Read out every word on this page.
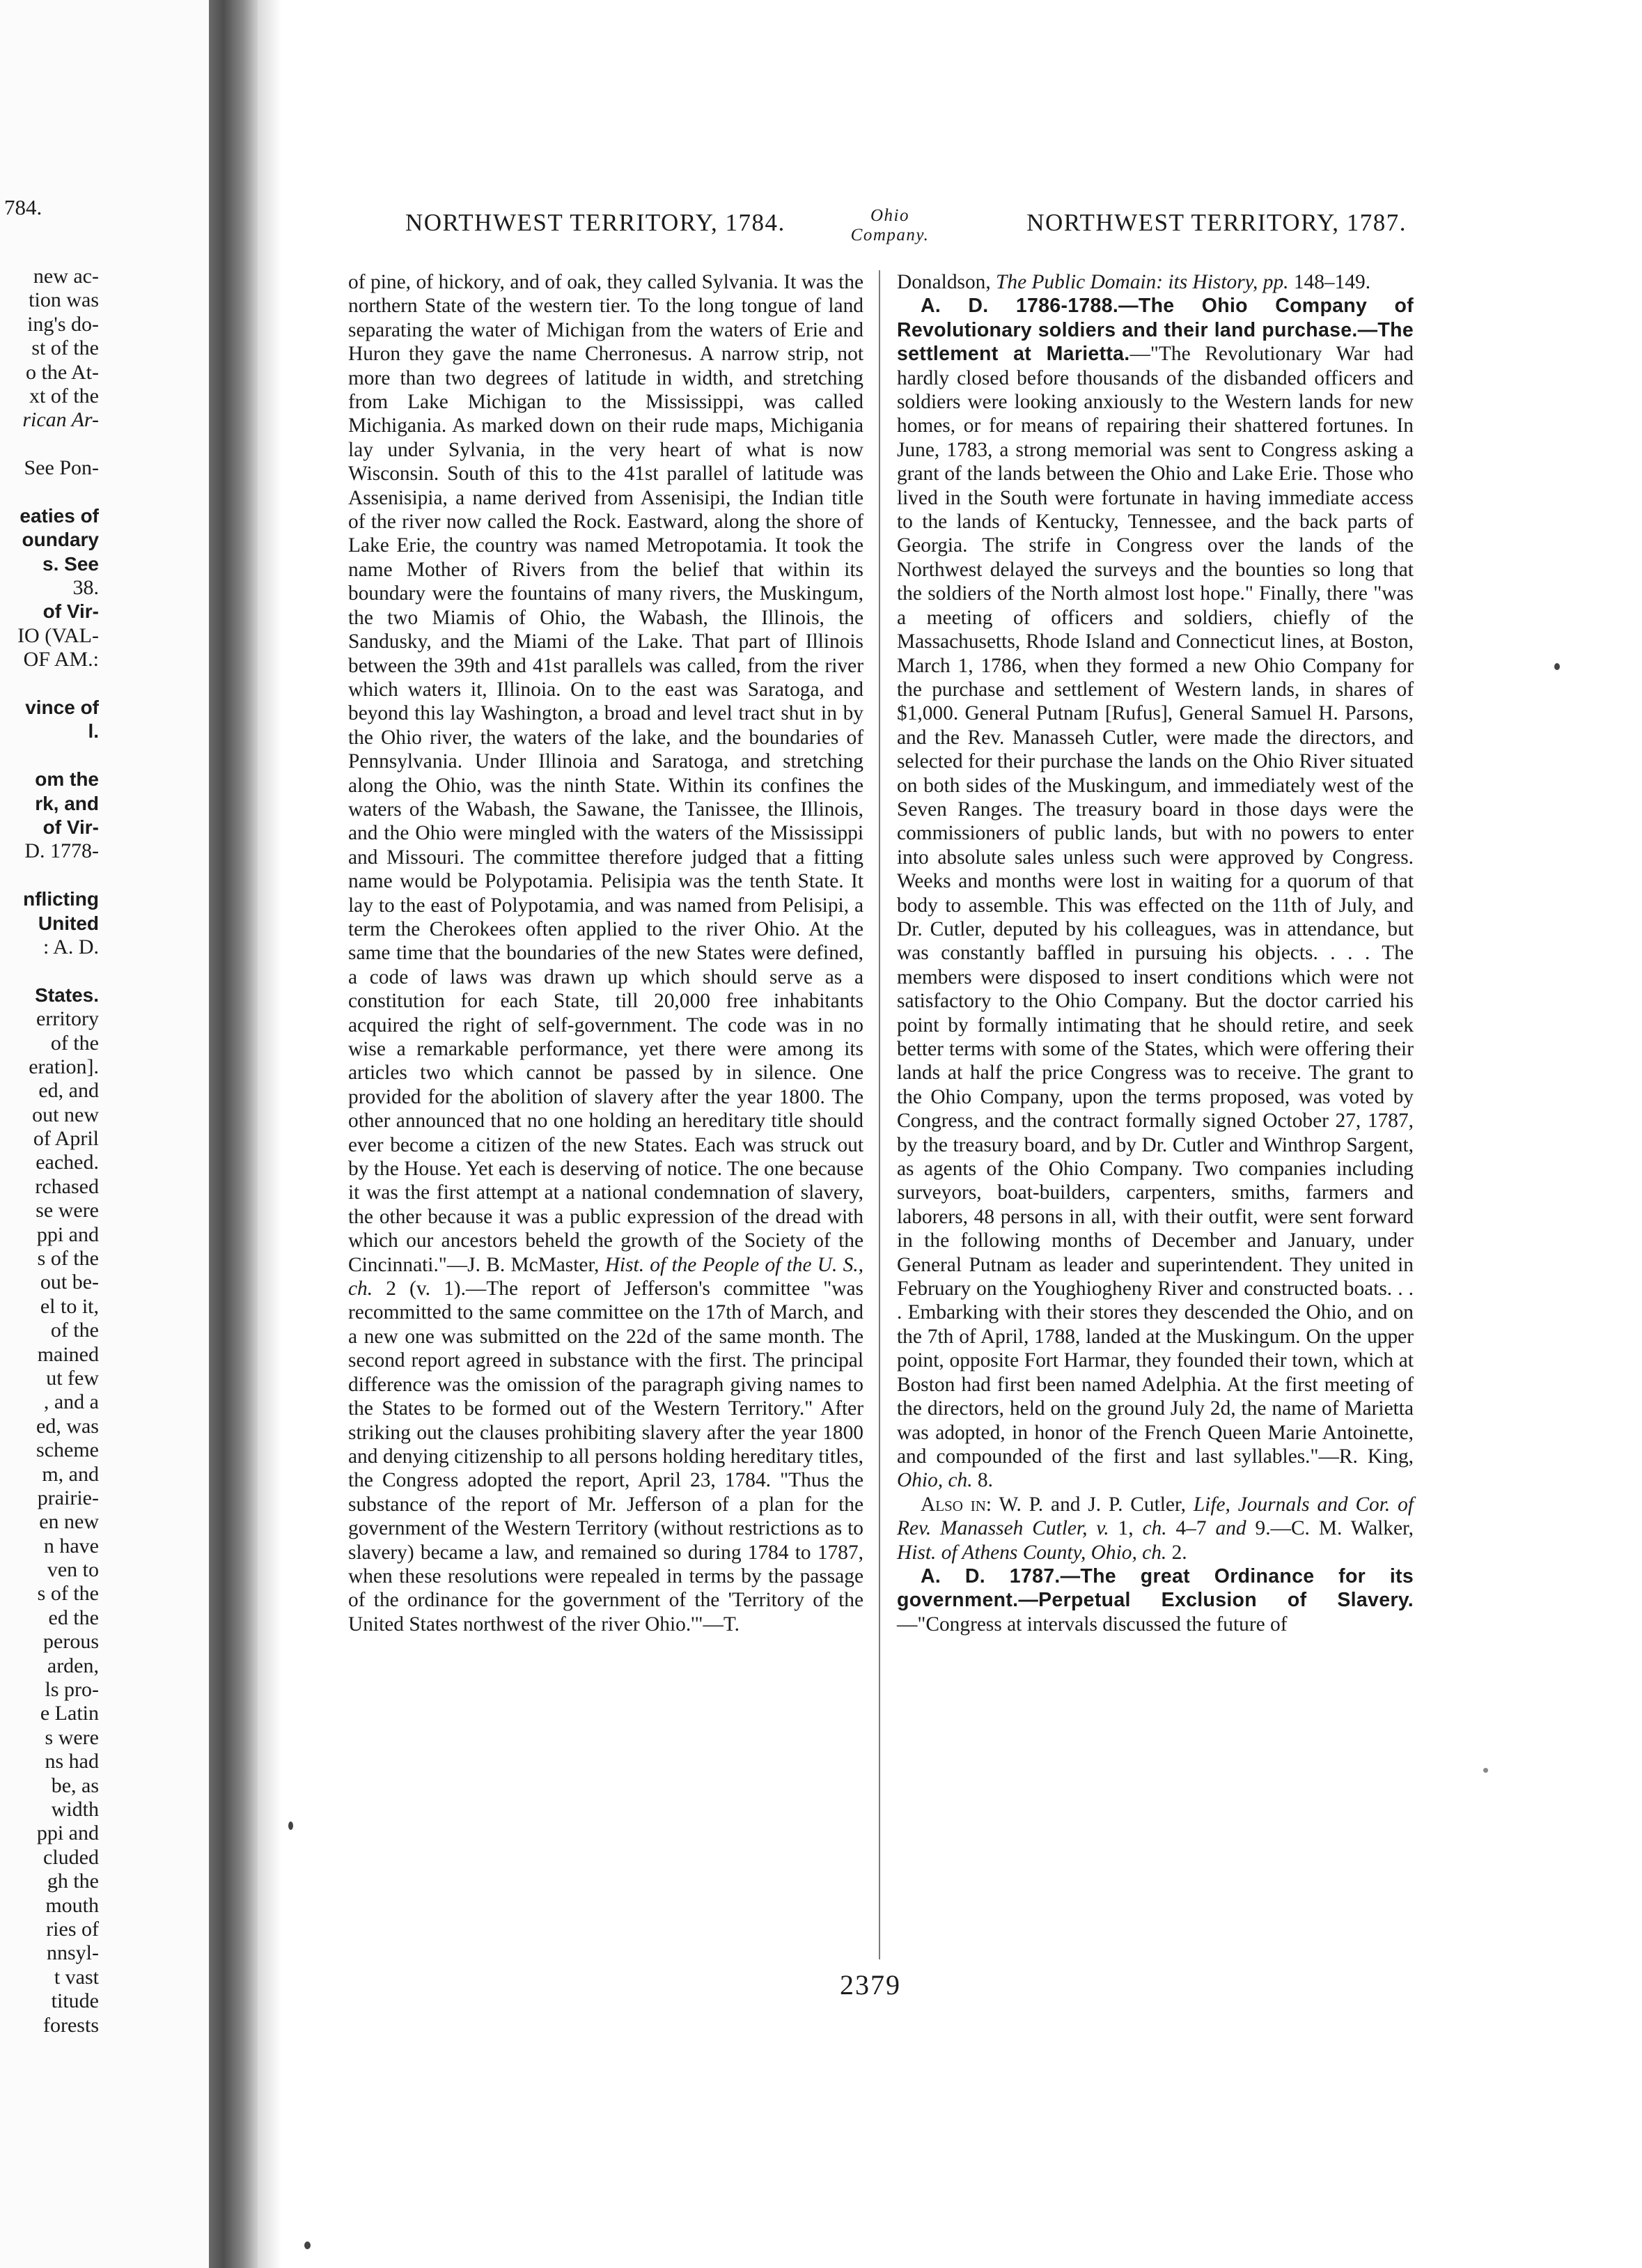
784.
new ac-
tion was
ing's do-
st of the
o the At-
xt of the
rican Ar-
See Pon-
eaties of
oundary
s. See
38.
of Vir-
IO (VAL-
OF AM.:
vince of
l.
om the
rk, and
of Vir-
D. 1778-
nflicting
United
: A. D.
States.
erritory
of the
eration].
ed, and
out new
of April
eached.
rchased
se were
ppi and
s of the
out be-
el to it,
of the
mained
ut few
, and a
ed, was
scheme
m, and
prairie-
en new
n have
ven to
s of the
ed the
perous
arden,
ls pro-
e Latin
s were
ns had
be, as
width
ppi and
cluded
gh the
mouth
ries of
nnsyl-
t vast
titude
forests
NORTHWEST TERRITORY, 1784.	Ohio
Company.	NORTHWEST TERRITORY, 1787.

of pine, of hickory, and of oak, they called Sylvania. It was the northern State of the western tier. To the long tongue of land separating the water of Michigan from the waters of Erie and Huron they gave the name Cherronesus. A narrow strip, not more than two degrees of latitude in width, and stretching from Lake Michigan to the Mississippi, was called Michigania. As marked down on their rude maps, Michigania lay under Sylvania, in the very heart of what is now Wisconsin. South of this to the 41st parallel of latitude was Assenisipia, a name derived from Assenisipi, the Indian title of the river now called the Rock. Eastward, along the shore of Lake Erie, the country was named Metropotamia. It took the name Mother of Rivers from the belief that within its boundary were the fountains of many rivers, the Muskingum, the two Miamis of Ohio, the Wabash, the Illinois, the Sandusky, and the Miami of the Lake. That part of Illinois between the 39th and 41st parallels was called, from the river which waters it, Illinoia. On to the east was Saratoga, and beyond this lay Washington, a broad and level tract shut in by the Ohio river, the waters of the lake, and the boundaries of Pennsylvania. Under Illinoia and Saratoga, and stretching along the Ohio, was the ninth State. Within its confines the waters of the Wabash, the Sawane, the Tanissee, the Illinois, and the Ohio were mingled with the waters of the Mississippi and Missouri. The committee therefore judged that a fitting name would be Polypotamia. Pelisipia was the tenth State. It lay to the east of Polypotamia, and was named from Pelisipi, a term the Cherokees often applied to the river Ohio. At the same time that the boundaries of the new States were defined, a code of laws was drawn up which should serve as a constitution for each State, till 20,000 free inhabitants acquired the right of self-government. The code was in no wise a remarkable performance, yet there were among its articles two which cannot be passed by in silence. One provided for the abolition of slavery after the year 1800. The other announced that no one holding an hereditary title should ever become a citizen of the new States. Each was struck out by the House. Yet each is deserving of notice. The one because it was the first attempt at a national condemnation of slavery, the other because it was a public expression of the dread with which our ancestors beheld the growth of the Society of the Cincinnati."—J. B. McMaster, Hist. of the People of the U. S., ch. 2 (v. 1).—The report of Jefferson's committee "was recommitted to the same committee on the 17th of March, and a new one was submitted on the 22d of the same month. The second report agreed in substance with the first. The principal difference was the omission of the paragraph giving names to the States to be formed out of the Western Territory." After striking out the clauses prohibiting slavery after the year 1800 and denying citizenship to all persons holding hereditary titles, the Congress adopted the report, April 23, 1784. "Thus the substance of the report of Mr. Jefferson of a plan for the government of the Western Territory (without restrictions as to slavery) became a law, and remained so during 1784 to 1787, when these resolutions were repealed in terms by the passage of the ordinance for the government of the 'Territory of the United States northwest of the river Ohio.'"—T.

Donaldson, The Public Domain: its History, pp. 148–149.

A. D. 1786-1788.—The Ohio Company of Revolutionary soldiers and their land purchase.—The settlement at Marietta.—"The Revolutionary War had hardly closed before thousands of the disbanded officers and soldiers were looking anxiously to the Western lands for new homes, or for means of repairing their shattered fortunes. In June, 1783, a strong memorial was sent to Congress asking a grant of the lands between the Ohio and Lake Erie. Those who lived in the South were fortunate in having immediate access to the lands of Kentucky, Tennessee, and the back parts of Georgia. The strife in Congress over the lands of the Northwest delayed the surveys and the bounties so long that the soldiers of the North almost lost hope." Finally, there "was a meeting of officers and soldiers, chiefly of the Massachusetts, Rhode Island and Connecticut lines, at Boston, March 1, 1786, when they formed a new Ohio Company for the purchase and settlement of Western lands, in shares of $1,000. General Putnam [Rufus], General Samuel H. Parsons, and the Rev. Manasseh Cutler, were made the directors, and selected for their purchase the lands on the Ohio River situated on both sides of the Muskingum, and immediately west of the Seven Ranges. The treasury board in those days were the commissioners of public lands, but with no powers to enter into absolute sales unless such were approved by Congress. Weeks and months were lost in waiting for a quorum of that body to assemble. This was effected on the 11th of July, and Dr. Cutler, deputed by his colleagues, was in attendance, but was constantly baffled in pursuing his objects. . . . The members were disposed to insert conditions which were not satisfactory to the Ohio Company. But the doctor carried his point by formally intimating that he should retire, and seek better terms with some of the States, which were offering their lands at half the price Congress was to receive. The grant to the Ohio Company, upon the terms proposed, was voted by Congress, and the contract formally signed October 27, 1787, by the treasury board, and by Dr. Cutler and Winthrop Sargent, as agents of the Ohio Company. Two companies including surveyors, boat-builders, carpenters, smiths, farmers and laborers, 48 persons in all, with their outfit, were sent forward in the following months of December and January, under General Putnam as leader and superintendent. They united in February on the Youghiogheny River and constructed boats. . . . Embarking with their stores they descended the Ohio, and on the 7th of April, 1788, landed at the Muskingum. On the upper point, opposite Fort Harmar, they founded their town, which at Boston had first been named Adelphia. At the first meeting of the directors, held on the ground July 2d, the name of Marietta was adopted, in honor of the French Queen Marie Antoinette, and compounded of the first and last syllables."—R. King, Ohio, ch. 8.

Also in: W. P. and J. P. Cutler, Life, Journals and Cor. of Rev. Manasseh Cutler, v. 1, ch. 4–7 and 9.—C. M. Walker, Hist. of Athens County, Ohio, ch. 2.

A. D. 1787.—The great Ordinance for its government.—Perpetual Exclusion of Slavery.—"Congress at intervals discussed the future of

2379
